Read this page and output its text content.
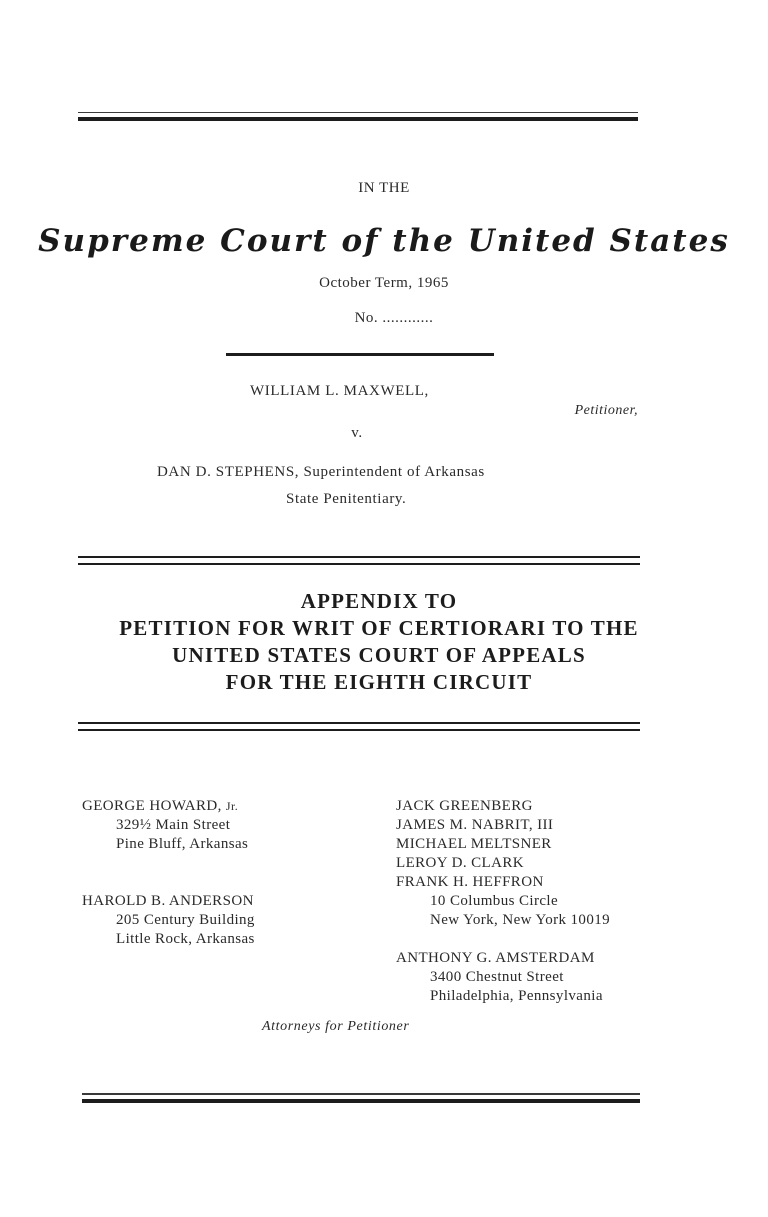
IN THE
Supreme Court of the United States
October Term, 1965
No. ............
WILLIAM L. MAXWELL,
Petitioner,
v.
DAN D. STEPHENS, Superintendent of Arkansas
State Penitentiary.
APPENDIX TO
PETITION FOR WRIT OF CERTIORARI TO THE
UNITED STATES COURT OF APPEALS
FOR THE EIGHTH CIRCUIT
GEORGE HOWARD, Jr.
329½ Main Street
Pine Bluff, Arkansas
HAROLD B. ANDERSON
205 Century Building
Little Rock, Arkansas
JACK GREENBERG
JAMES M. NABRIT, III
MICHAEL MELTSNER
LEROY D. CLARK
FRANK H. HEFFRON
10 Columbus Circle
New York, New York 10019
ANTHONY G. AMSTERDAM
3400 Chestnut Street
Philadelphia, Pennsylvania
Attorneys for Petitioner
